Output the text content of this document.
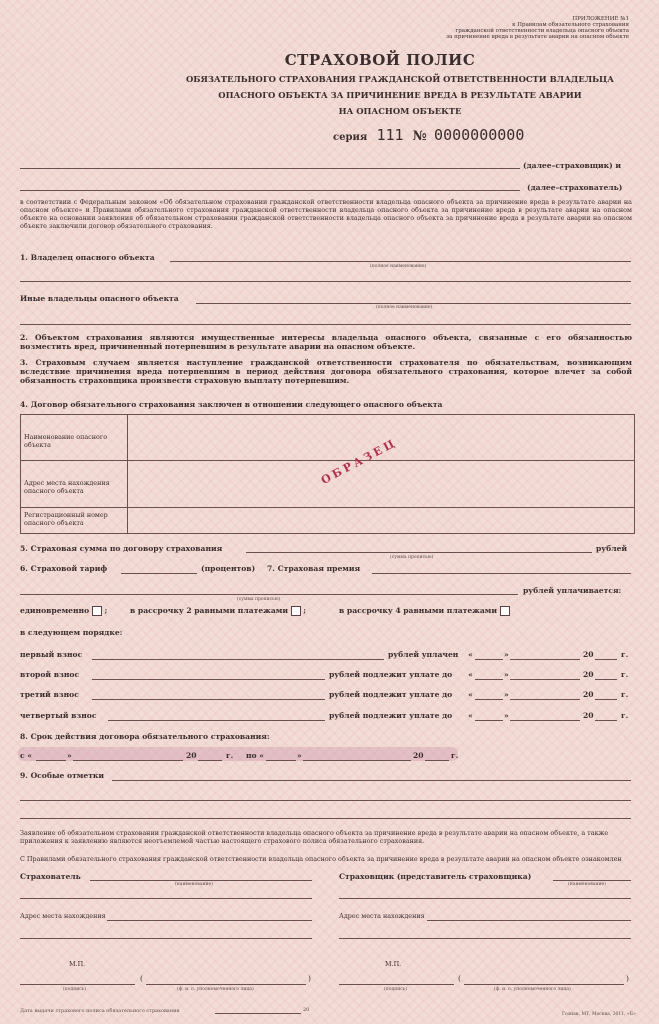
ПРИЛОЖЕНИЕ №1
к Правилам обязательного страхования
гражданской ответственности владельца опасного объекта
за причинение вреда в результате аварии на опасном объекте
СТРАХОВОЙ ПОЛИС
ОБЯЗАТЕЛЬНОГО СТРАХОВАНИЯ ГРАЖДАНСКОЙ ОТВЕТСТВЕННОСТИ ВЛАДЕЛЬЦА
ОПАСНОГО ОБЪЕКТА ЗА ПРИЧИНЕНИЕ ВРЕДА В РЕЗУЛЬТАТЕ АВАРИИ
НА ОПАСНОМ ОБЪЕКТЕ
серия 111 № 0000000000
(далее–страховщик) и
(далее–страхователь)
в соответствии с Федеральным законом «Об обязательном страховании гражданской ответственности владельца опасного объекта за причинение вреда в результате аварии на опасном объекте» и Правилами обязательного страхования гражданской ответственности владельца опасного объекта за причинение вреда в результате аварии на опасном объекте на основании заявления об обязательном страховании гражданской ответственности владельца опасного объекта за причинение вреда в результате аварии на опасном объекте заключили договор обязательного страхования.
1. Владелец опасного объекта
(полное наименование)
Иные владельцы опасного объекта
(полное наименование)
2. Объектом страхования являются имущественные интересы владельца опасного объекта, связанные с его обязанностью возместить вред, причиненный потерпевшим в результате аварии на опасном объекте.
3. Страховым случаем является наступление гражданской ответственности страхователя по обязательствам, возникающим вследствие причинения вреда потерпевшим в период действия договора обязательного страхования, которое влечет за собой обязанность страховщика произвести страховую выплату потерпевшим.
4. Договор обязательного страхования заключен в отношении следующего опасного объекта
Наименование опасного объекта
Адрес места нахождения опасного объекта
Регистрационный номер опасного объекта
ОБРАЗЕЦ
5. Страховая сумма по договору страхования
(сумма прописью)
рублей
6. Страховой тариф	(процентов) 7. Страховая премия
(сумма прописью)
рублей уплачивается:
единовременно  ;	в рассрочку 2 равными платежами  ;	в рассрочку 4 равными платежами
в следующем порядке:
первый взнос	рублей уплачен «	»	20	г.
второй взнос	рублей подлежит уплате до «	»	20	г.
третий взнос	рублей подлежит уплате до «	»	20	г.
четвертый взнос	рублей подлежит уплате до «	»	20	г.
8. Срок действия договора обязательного страхования:
с «	»	20	г. по «	»	20	г.
9. Особые отметки
Заявление об обязательном страховании гражданской ответственности владельца опасного объекта за причинение вреда в результате аварии на опасном объекте, а также приложения к заявлению являются неотъемлемой частью настоящего страхового полиса обязательного страхования.
С Правилами обязательного страхования гражданской ответственности владельца опасного объекта за причинение вреда в результате аварии на опасном объекте ознакомлен
Страхователь
(наименование)
Страховщик (представитель страховщика)
(наименование)
Адрес места нахождения	Адрес места нахождения
М.П.	М.П.
(	)
(подпись)	(ф. и. о. уполномоченного лица)
(	)
(подпись)	(ф. и. о. уполномоченного лица)
Дата выдачи страхового полиса обязательного страхования	20
Гознак, МТ, Москва, 2011, «Б»
